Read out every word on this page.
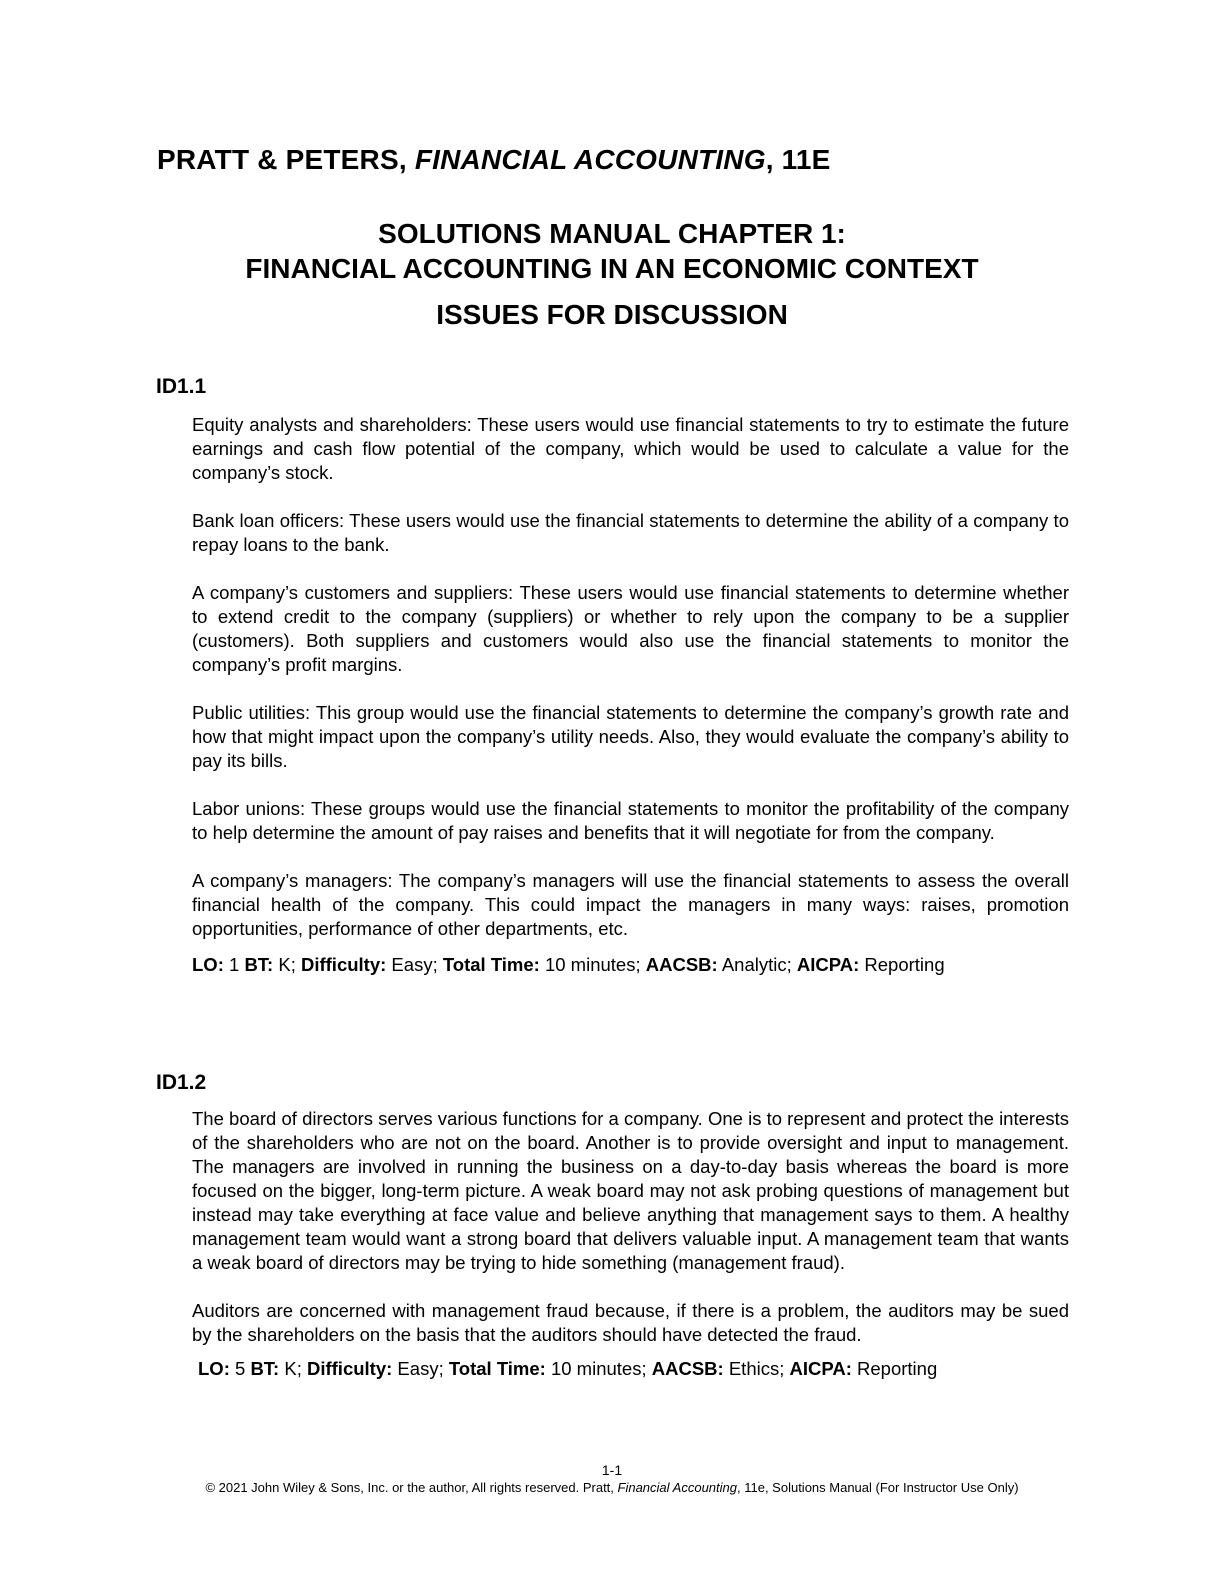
PRATT & PETERS, FINANCIAL ACCOUNTING, 11E
SOLUTIONS MANUAL CHAPTER 1:
FINANCIAL ACCOUNTING IN AN ECONOMIC CONTEXT
ISSUES FOR DISCUSSION
ID1.1

Equity analysts and shareholders: These users would use financial statements to try to estimate the future earnings and cash flow potential of the company, which would be used to calculate a value for the company’s stock.

Bank loan officers: These users would use the financial statements to determine the ability of a company to repay loans to the bank.

A company’s customers and suppliers: These users would use financial statements to determine whether to extend credit to the company (suppliers) or whether to rely upon the company to be a supplier (customers). Both suppliers and customers would also use the financial statements to monitor the company’s profit margins.

Public utilities: This group would use the financial statements to determine the company’s growth rate and how that might impact upon the company’s utility needs. Also, they would evaluate the company’s ability to pay its bills.

Labor unions: These groups would use the financial statements to monitor the profitability of the company to help determine the amount of pay raises and benefits that it will negotiate for from the company.

A company’s managers: The company’s managers will use the financial statements to assess the overall financial health of the company. This could impact the managers in many ways: raises, promotion opportunities, performance of other departments, etc.

LO: 1 BT: K; Difficulty: Easy; Total Time: 10 minutes; AACSB: Analytic; AICPA: Reporting
ID1.2

The board of directors serves various functions for a company. One is to represent and protect the interests of the shareholders who are not on the board. Another is to provide oversight and input to management. The managers are involved in running the business on a day-to-day basis whereas the board is more focused on the bigger, long-term picture. A weak board may not ask probing questions of management but instead may take everything at face value and believe anything that management says to them. A healthy management team would want a strong board that delivers valuable input. A management team that wants a weak board of directors may be trying to hide something (management fraud).

Auditors are concerned with management fraud because, if there is a problem, the auditors may be sued by the shareholders on the basis that the auditors should have detected the fraud.

LO: 5 BT: K; Difficulty: Easy; Total Time: 10 minutes; AACSB: Ethics; AICPA: Reporting
1-1
© 2021 John Wiley & Sons, Inc. or the author, All rights reserved. Pratt, Financial Accounting, 11e, Solutions Manual (For Instructor Use Only)
